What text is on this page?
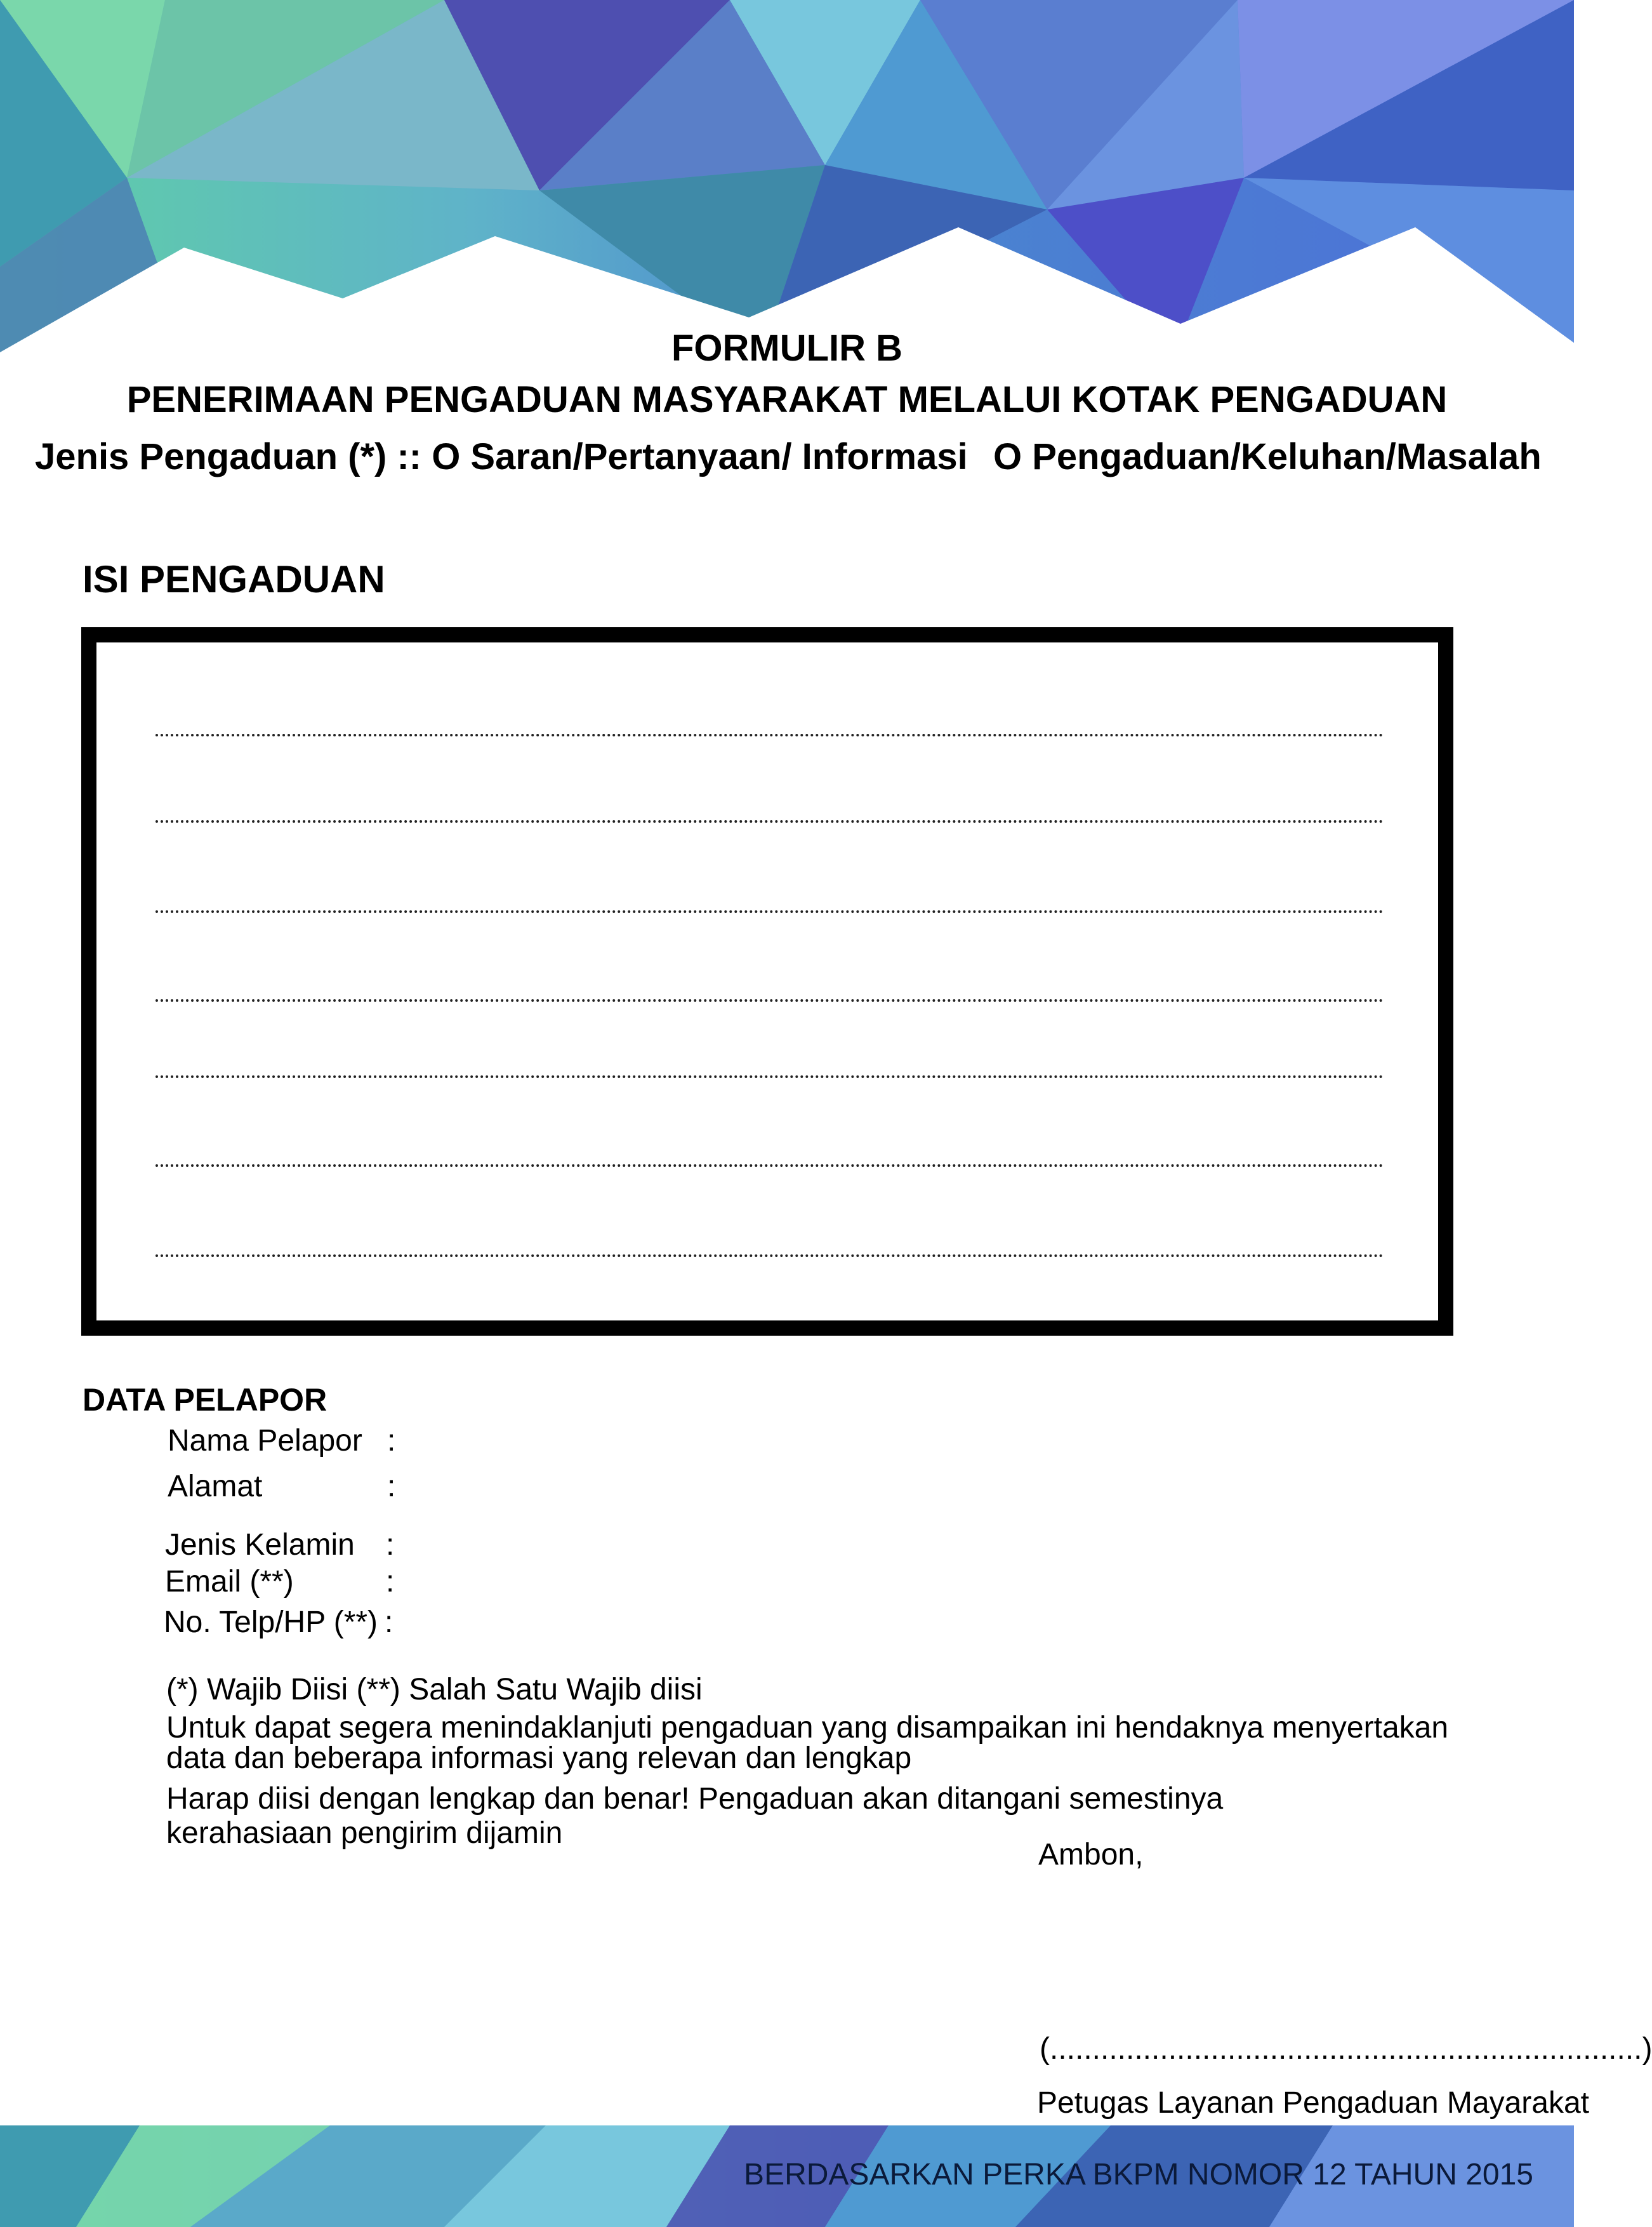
FORMULIR B
PENERIMAAN PENGADUAN MASYARAKAT MELALUI KOTAK PENGADUAN
Jenis Pengaduan (*) :: O Saran/Pertanyaan/ Informasi O Pengaduan/Keluhan/Masalah
ISI PENGADUAN
DATA PELAPOR
Nama Pelapor :
Alamat	:
Jenis Kelamin :
Email (**)	:
No. Telp/HP (**) :
(*) Wajib Diisi (**) Salah Satu Wajib diisi
Untuk dapat segera menindaklanjuti pengaduan yang disampaikan ini hendaknya menyertakan
data dan beberapa informasi yang relevan dan lengkap
Harap diisi dengan lengkap dan benar! Pengaduan akan ditangani semestinya
kerahasiaan pengirim dijamin
Ambon,
(......................................................................)
Petugas Layanan Pengaduan Mayarakat
BERDASARKAN PERKA BKPM NOMOR 12 TAHUN 2015
